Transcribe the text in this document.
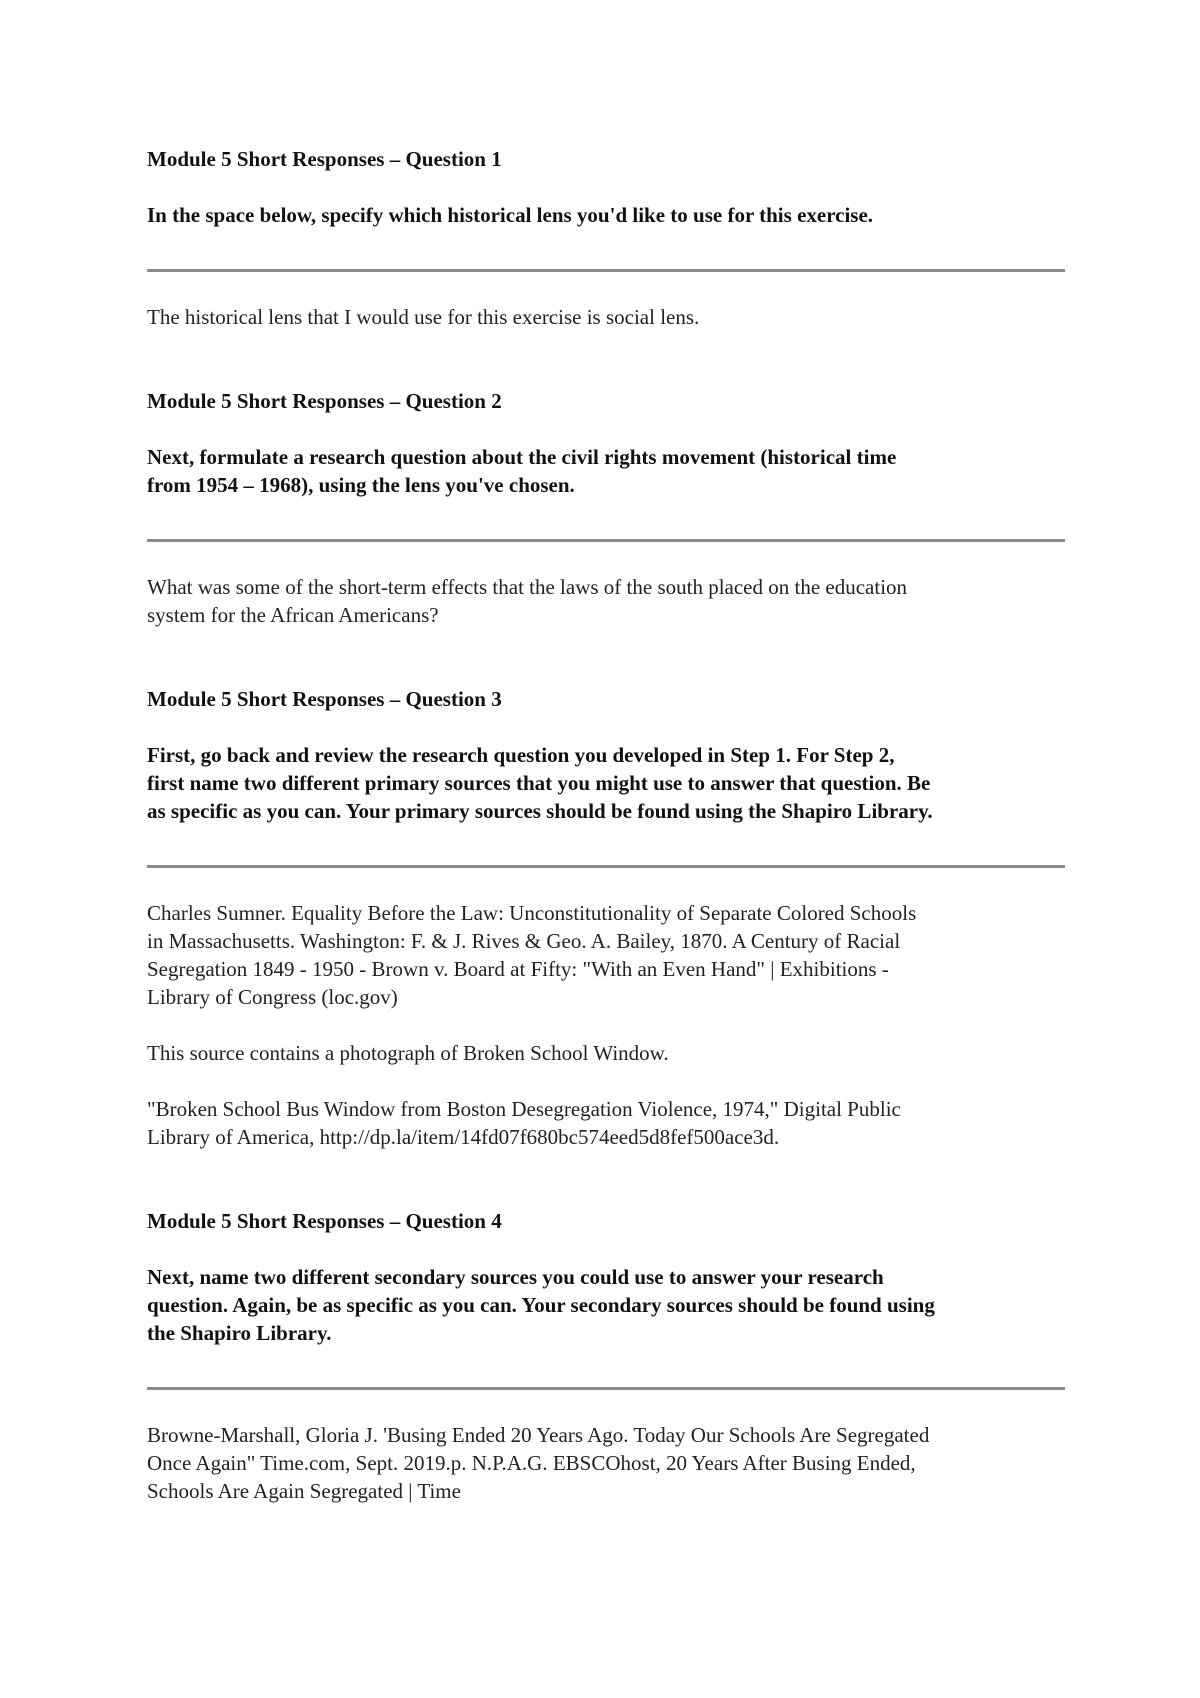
Module 5 Short Responses – Question 1

In the space below, specify which historical lens you'd like to use for this exercise.

The historical lens that I would use for this exercise is social lens.

Module 5 Short Responses – Question 2

Next, formulate a research question about the civil rights movement (historical time

from 1954 – 1968), using the lens you've chosen.

What was some of the short-term effects that the laws of the south placed on the education

system for the African Americans?

Module 5 Short Responses – Question 3

First, go back and review the research question you developed in Step 1. For Step 2,

first name two different primary sources that you might use to answer that question. Be

as specific as you can. Your primary sources should be found using the Shapiro Library.

Charles Sumner. Equality Before the Law: Unconstitutionality of Separate Colored Schools

in Massachusetts. Washington: F. & J. Rives & Geo. A. Bailey, 1870. A Century of Racial

Segregation 1849 - 1950 - Brown v. Board at Fifty: "With an Even Hand" | Exhibitions -

Library of Congress (loc.gov)

This source contains a photograph of Broken School Window.

"Broken School Bus Window from Boston Desegregation Violence, 1974," Digital Public

Library of America, http://dp.la/item/14fd07f680bc574eed5d8fef500ace3d.

Module 5 Short Responses – Question 4

Next, name two different secondary sources you could use to answer your research

question. Again, be as specific as you can. Your secondary sources should be found using

the Shapiro Library.

Browne-Marshall, Gloria J. 'Busing Ended 20 Years Ago. Today Our Schools Are Segregated

Once Again" Time.com, Sept. 2019.p. N.P.A.G. EBSCOhost, 20 Years After Busing Ended,

Schools Are Again Segregated | Time
